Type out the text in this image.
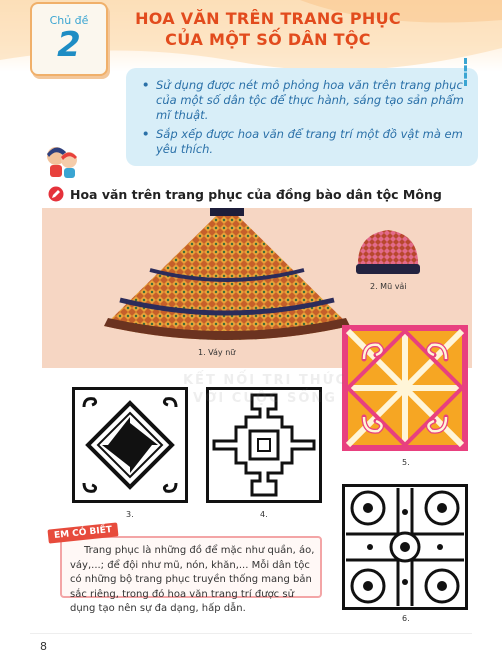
Chủ đề
2
HOA VĂN TRÊN TRANG PHỤC
CỦA MỘT SỐ DÂN TỘC
• Sử dụng được nét mô phỏng hoa văn trên trang phục của một số dân tộc để thực hành, sáng tạo sản phẩm mĩ thuật.
• Sắp xếp được hoa văn để trang trí một đồ vật mà em yêu thích.
Hoa văn trên trang phục của đồng bào dân tộc Mông
1. Váy nữ
2. Mũ vải
3.	4.
5.
6.
KẾT NỐI TRI THỨC
VỚI CUỘC SỐNG
EM CÓ BIẾT

Trang phục là những đồ để mặc như quần, áo, váy,...; để đội như mũ, nón, khăn,... Mỗi dân tộc có những bộ trang phục truyền thống mang bản sắc riêng, trong đó hoa văn trang trí được sử dụng tạo nên sự đa dạng, hấp dẫn.

8
